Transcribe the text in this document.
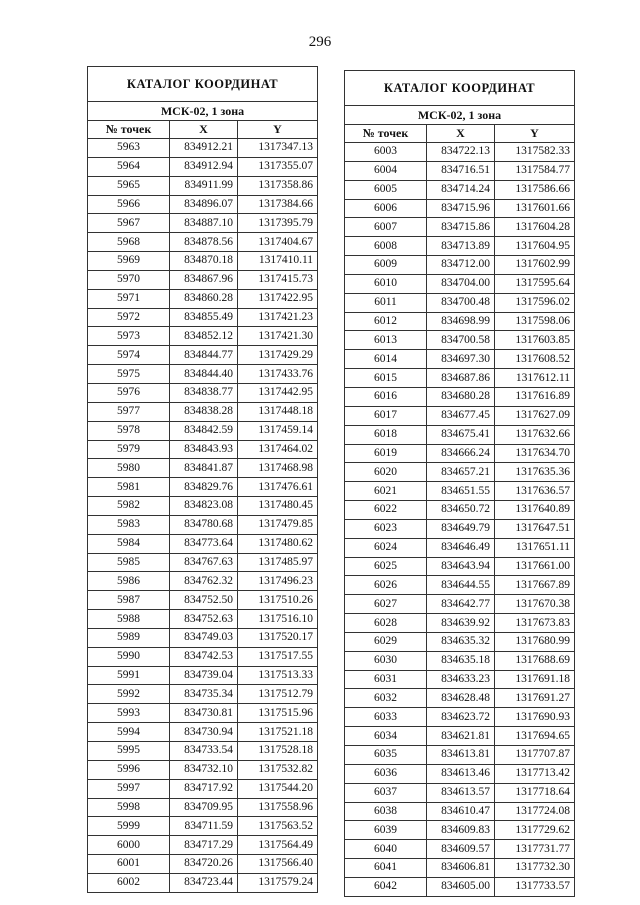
296
КАТАЛОГ КООРДИНАТ		
МСК-02, 1 зона		
№ точек	X	Y
5963	834912.21	1317347.13
5964	834912.94	1317355.07
5965	834911.99	1317358.86
5966	834896.07	1317384.66
5967	834887.10	1317395.79
5968	834878.56	1317404.67
5969	834870.18	1317410.11
5970	834867.96	1317415.73
5971	834860.28	1317422.95
5972	834855.49	1317421.23
5973	834852.12	1317421.30
5974	834844.77	1317429.29
5975	834844.40	1317433.76
5976	834838.77	1317442.95
5977	834838.28	1317448.18
5978	834842.59	1317459.14
5979	834843.93	1317464.02
5980	834841.87	1317468.98
5981	834829.76	1317476.61
5982	834823.08	1317480.45
5983	834780.68	1317479.85
5984	834773.64	1317480.62
5985	834767.63	1317485.97
5986	834762.32	1317496.23
5987	834752.50	1317510.26
5988	834752.63	1317516.10
5989	834749.03	1317520.17
5990	834742.53	1317517.55
5991	834739.04	1317513.33
5992	834735.34	1317512.79
5993	834730.81	1317515.96
5994	834730.94	1317521.18
5995	834733.54	1317528.18
5996	834732.10	1317532.82
5997	834717.92	1317544.20
5998	834709.95	1317558.96
5999	834711.59	1317563.52
6000	834717.29	1317564.49
6001	834720.26	1317566.40
6002	834723.44	1317579.24
КАТАЛОГ КООРДИНАТ		
МСК-02, 1 зона		
№ точек	X	Y
6003	834722.13	1317582.33
6004	834716.51	1317584.77
6005	834714.24	1317586.66
6006	834715.96	1317601.66
6007	834715.86	1317604.28
6008	834713.89	1317604.95
6009	834712.00	1317602.99
6010	834704.00	1317595.64
6011	834700.48	1317596.02
6012	834698.99	1317598.06
6013	834700.58	1317603.85
6014	834697.30	1317608.52
6015	834687.86	1317612.11
6016	834680.28	1317616.89
6017	834677.45	1317627.09
6018	834675.41	1317632.66
6019	834666.24	1317634.70
6020	834657.21	1317635.36
6021	834651.55	1317636.57
6022	834650.72	1317640.89
6023	834649.79	1317647.51
6024	834646.49	1317651.11
6025	834643.94	1317661.00
6026	834644.55	1317667.89
6027	834642.77	1317670.38
6028	834639.92	1317673.83
6029	834635.32	1317680.99
6030	834635.18	1317688.69
6031	834633.23	1317691.18
6032	834628.48	1317691.27
6033	834623.72	1317690.93
6034	834621.81	1317694.65
6035	834613.81	1317707.87
6036	834613.46	1317713.42
6037	834613.57	1317718.64
6038	834610.47	1317724.08
6039	834609.83	1317729.62
6040	834609.57	1317731.77
6041	834606.81	1317732.30
6042	834605.00	1317733.57
